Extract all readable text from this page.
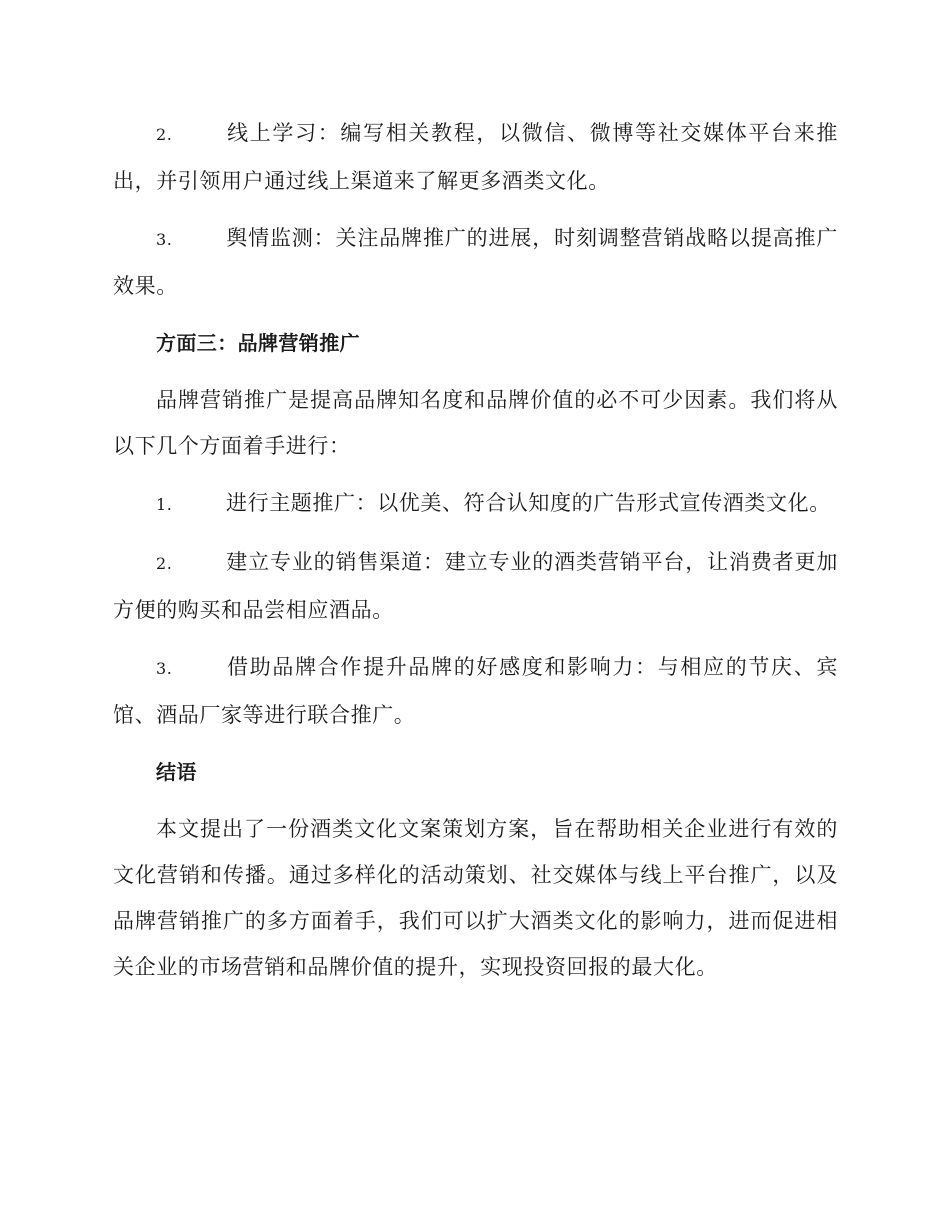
2.	线上学习：编写相关教程，以微信、微博等社交媒体平台来推出，并引领用户通过线上渠道来了解更多酒类文化。

3.	舆情监测：关注品牌推广的进展，时刻调整营销战略以提高推广效果。

方面三：品牌营销推广

品牌营销推广是提高品牌知名度和品牌价值的必不可少因素。我们将从以下几个方面着手进行：

1.	进行主题推广：以优美、符合认知度的广告形式宣传酒类文化。

2.	建立专业的销售渠道：建立专业的酒类营销平台，让消费者更加方便的购买和品尝相应酒品。

3.	借助品牌合作提升品牌的好感度和影响力：与相应的节庆、宾馆、酒品厂家等进行联合推广。

结语

本文提出了一份酒类文化文案策划方案，旨在帮助相关企业进行有效的文化营销和传播。通过多样化的活动策划、社交媒体与线上平台推广，以及品牌营销推广的多方面着手，我们可以扩大酒类文化的影响力，进而促进相关企业的市场营销和品牌价值的提升，实现投资回报的最大化。
